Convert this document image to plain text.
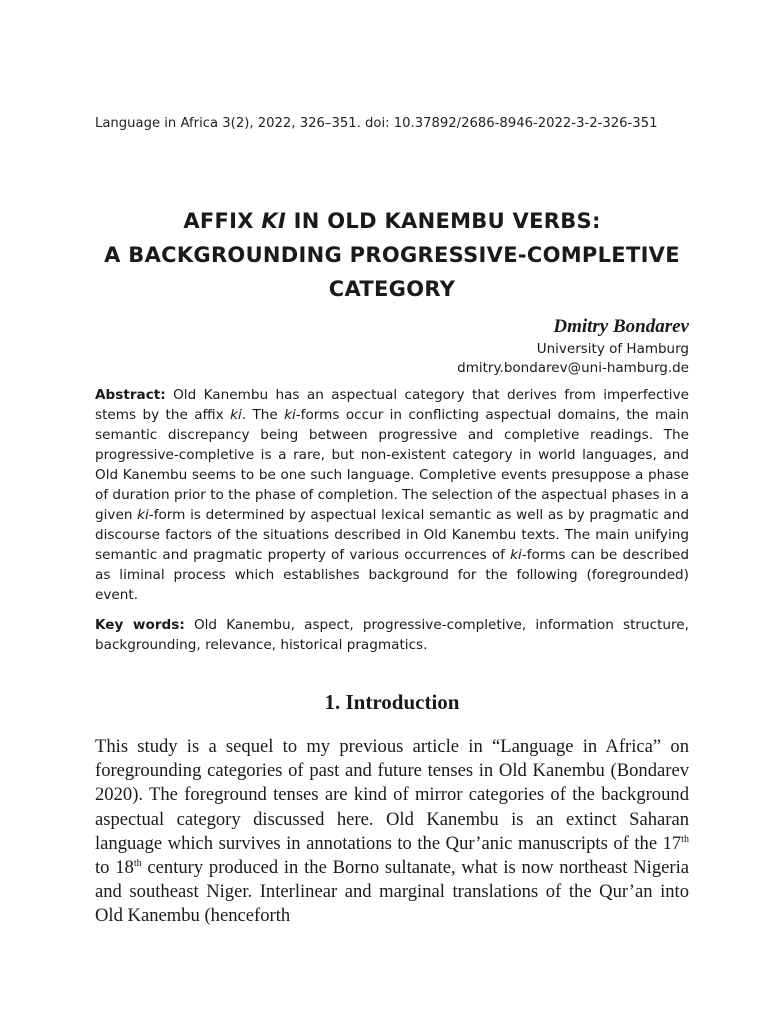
Language in Africa 3(2), 2022, 326–351. doi: 10.37892/2686-8946-2022-3-2-326-351
AFFIX KI IN OLD KANEMBU VERBS:
A BACKGROUNDING PROGRESSIVE-COMPLETIVE
CATEGORY
Dmitry Bondarev
University of Hamburg
dmitry.bondarev@uni-hamburg.de
Abstract: Old Kanembu has an aspectual category that derives from imperfective stems by the affix ki. The ki-forms occur in conflicting aspectual domains, the main semantic discrepancy being between progressive and completive readings. The progressive-completive is a rare, but non-existent category in world languages, and Old Kanembu seems to be one such language. Completive events presuppose a phase of duration prior to the phase of completion. The selection of the aspectual phases in a given ki-form is determined by aspectual lexical semantic as well as by pragmatic and discourse factors of the situations described in Old Kanembu texts. The main unifying semantic and pragmatic property of various occurrences of ki-forms can be described as liminal process which establishes background for the following (foregrounded) event.
Key words: Old Kanembu, aspect, progressive-completive, information structure, backgrounding, relevance, historical pragmatics.
1. Introduction
This study is a sequel to my previous article in “Language in Africa” on foregrounding categories of past and future tenses in Old Kanembu (Bondarev 2020). The foreground tenses are kind of mirror categories of the background aspectual category discussed here. Old Kanembu is an extinct Saharan language which survives in annotations to the Qur’anic manuscripts of the 17th to 18th century produced in the Borno sultanate, what is now northeast Nigeria and southeast Niger. Interlinear and marginal translations of the Qur’an into Old Kanembu (henceforth
